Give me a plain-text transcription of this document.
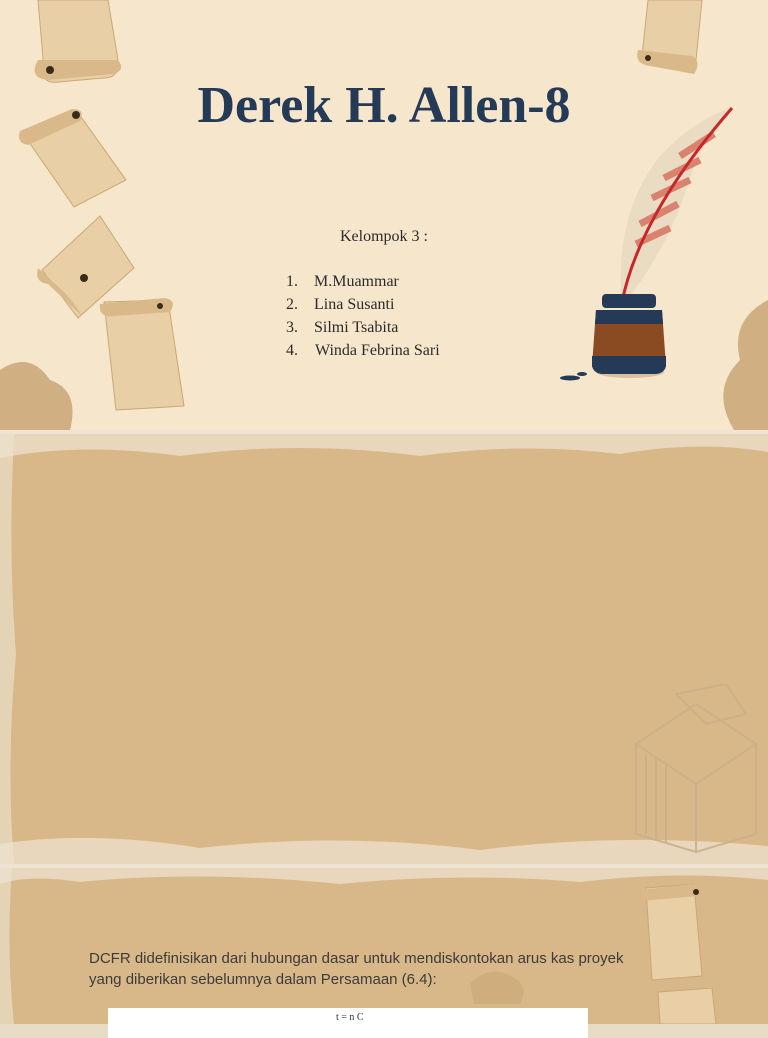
Derek H. Allen-8
Kelompok 3 :
1. M.Muammar
2. Lina Susanti
3. Silmi Tsabita
4. Winda Febrina Sari

DCFR didefinisikan dari hubungan dasar untuk mendiskontokan arus kas proyek yang diberikan sebelumnya dalam Persamaan (6.4):

t = n C
